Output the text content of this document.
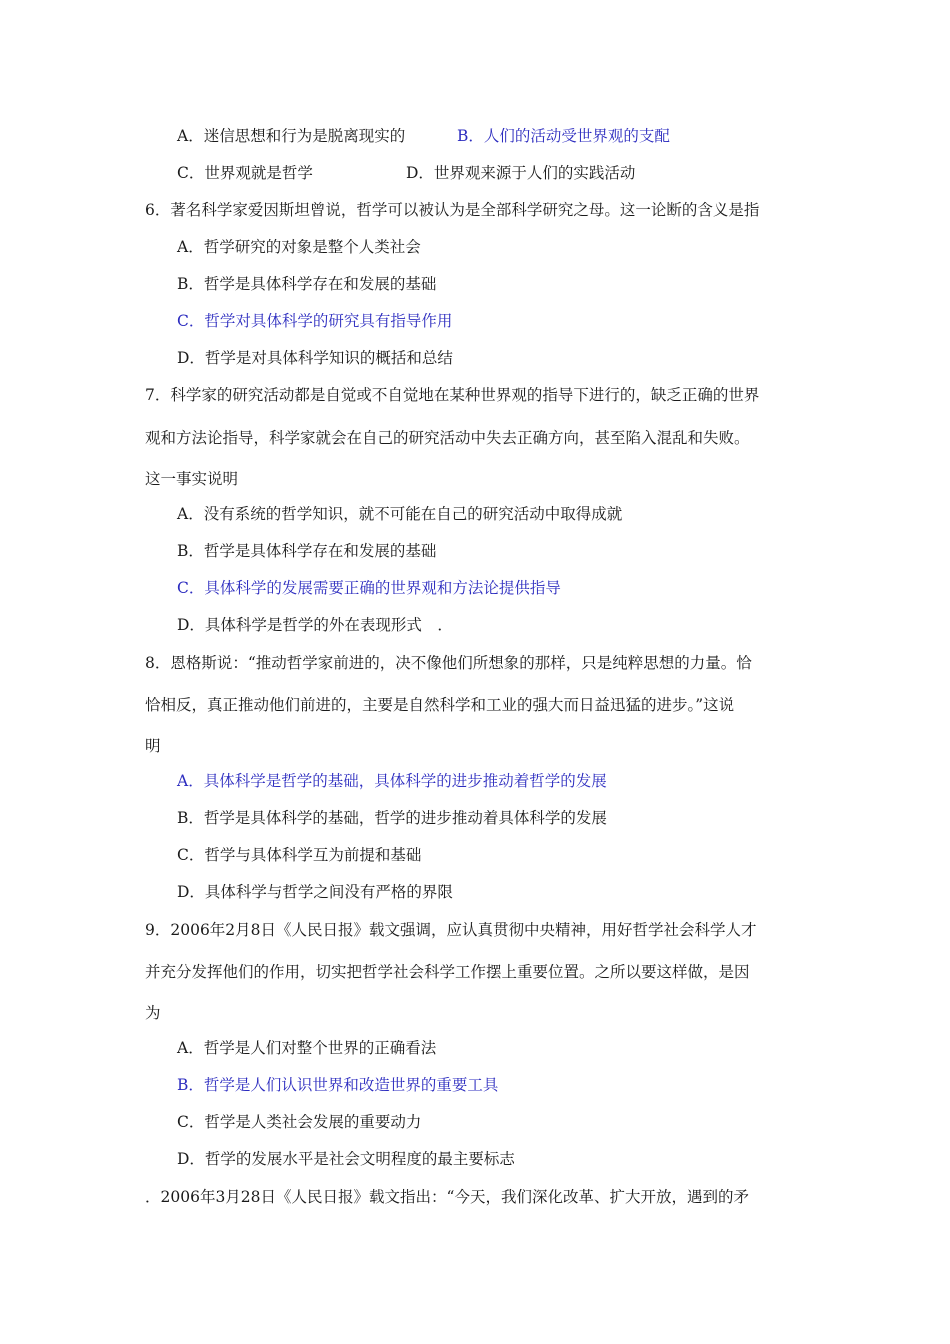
A．迷信思想和行为是脱离现实的	B．人们的活动受世界观的支配

C．世界观就是哲学	D．世界观来源于人们的实践活动

6．著名科学家爱因斯坦曾说，哲学可以被认为是全部科学研究之母。这一论断的含义是指

A．哲学研究的对象是整个人类社会

B．哲学是具体科学存在和发展的基础

C．哲学对具体科学的研究具有指导作用

D．哲学是对具体科学知识的概括和总结

7．科学家的研究活动都是自觉或不自觉地在某种世界观的指导下进行的，缺乏正确的世界

观和方法论指导，科学家就会在自己的研究活动中失去正确方向，甚至陷入混乱和失败。

这一事实说明

A．没有系统的哲学知识，就不可能在自己的研究活动中取得成就

B．哲学是具体科学存在和发展的基础

C．具体科学的发展需要正确的世界观和方法论提供指导

D．具体科学是哲学的外在表现形式　．

8．恩格斯说：“推动哲学家前进的，决不像他们所想象的那样，只是纯粹思想的力量。恰

恰相反，真正推动他们前进的，主要是自然科学和工业的强大而日益迅猛的进步。”这说

明

A．具体科学是哲学的基础，具体科学的进步推动着哲学的发展

B．哲学是具体科学的基础，哲学的进步推动着具体科学的发展

C．哲学与具体科学互为前提和基础

D．具体科学与哲学之间没有严格的界限

9．2006年2月8日《人民日报》载文强调，应认真贯彻中央精神，用好哲学社会科学人才

并充分发挥他们的作用，切实把哲学社会科学工作摆上重要位置。之所以要这样做，是因

为

A．哲学是人们对整个世界的正确看法

B．哲学是人们认识世界和改造世界的重要工具

C．哲学是人类社会发展的重要动力

D．哲学的发展水平是社会文明程度的最主要标志

．2006年3月28日《人民日报》载文指出：“今天，我们深化改革、扩大开放，遇到的矛
